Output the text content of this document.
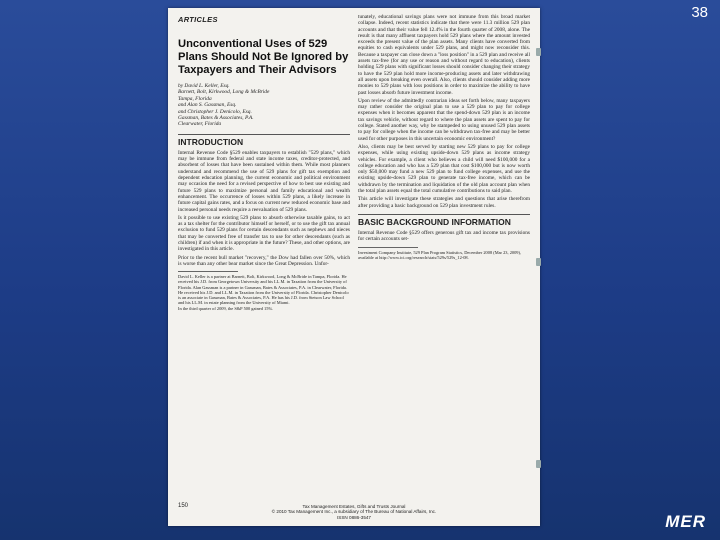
38
ARTICLES
Unconventional Uses of 529 Plans Should Not Be Ignored by Taxpayers and Their Advisors
by David L. Keller, Esq.
Barnett, Bolt, Kirkwood, Long & McBride
Tampa, Florida
and Alan S. Gassman, Esq.
and Christopher J. Denicolo, Esq.
Gassman, Bates & Associates, P.A.
Clearwater, Florida
INTRODUCTION

Internal Revenue Code §529 enables taxpayers to establish "529 plans," which may be immune from federal and state income taxes, creditor-protected, and absorbent of losses that have been sustained within them. While most planners understand and recommend the use of 529 plans for gift tax exemption and dependent education planning, the current economic and political environment may occasion the need for a revised perspective of how to best use existing and future 529 plans to maximize personal and family educational and wealth enhancement. The occurrence of losses within 529 plans, a likely increase in future capital gains rates, and a focus on current new reduced economic base and increased personal needs require a reevaluation of 529 plans.

Is it possible to use existing 529 plans to absorb otherwise taxable gains, to act as a tax shelter for the contributor himself or herself, or to use the gift tax annual exclusion to fund 529 plans for certain descendants such as nephews and nieces that may be converted free of transfer tax to use for other descendants (such as children) if and when it is appropriate in the future? These, and other options, are investigated in this article.

Prior to the recent bull market "recovery," the Dow had fallen over 50%, which is worse than any other bear market since the Great Depression. Unfor-

David L. Keller is a partner at Barnett, Bolt, Kirkwood, Long & McBride in Tampa, Florida. He received his J.D. from Georgetown University and his LL.M. in Taxation from the University of Florida. Alan Gassman is a partner in Gassman, Bates & Associates, P.A. in Clearwater, Florida. He received his J.D. and LL.M. in Taxation from the University of Florida. Christopher Denicolo is an associate in Gassman, Bates & Associates, P.A. He has his J.D. from Stetson Law School and his LL.M. in estate planning from the University of Miami.

In the third quarter of 2009, the S&P 500 gained 15%.

tunately, educational savings plans were not immune from this broad market collapse. Indeed, recent statistics indicate that there were 11.3 million 529 plan accounts and that their value fell 12.4% in the fourth quarter of 2008, alone. The result is that many affluent taxpayers hold 529 plans where the amount invested exceeds the present value of the plan assets. Many clients have converted from equities to cash equivalents under 529 plans, and might now reconsider this. Because a taxpayer can close down a "loss position" in a 529 plan and receive all assets tax-free (for any use or reason and without regard to education), clients holding 529 plans with significant losses should consider changing their strategy to have the 529 plan hold more income-producing assets and later withdrawing all assets upon breaking even overall. Also, clients should consider adding more monies to 529 plans with loss positions in order to maximize the ability to have past losses absorb future investment income.

Upon review of the admittedly contrarian ideas set forth below, many taxpayers may rather consider the original plan to use a 529 plan to pay for college expenses when it becomes apparent that the spend-down 529 plan is an income tax savings vehicle, without regard to where the plan assets are spent to pay for college. Stated another way, why be stampeded to using unused 529 plan assets to pay for college when the income can be withdrawn tax-free and may be better used for other purposes in this uncertain economic environment?

Also, clients may be best served by starting new 529 plans to pay for college expenses, while using existing upside-down 529 plans as income strategy vehicles. For example, a client who believes a child will need $100,000 for a college education and who has a 529 plan that cost $100,000 but is now worth only $50,000 may fund a new 529 plan to fund college expenses, and use the existing upside-down 529 plan to generate tax-free income, which can be withdrawn by the termination and liquidation of the old plan account plan when the total plan assets equal the total cumulative contributions to said plan.

This article will investigate these strategies and questions that arise therefrom after providing a basic background on 529 plan investment rules.

BASIC BACKGROUND INFORMATION

Internal Revenue Code §529 offers generous gift tax and income tax provisions for certain accounts set-

Investment Company Institute, 529 Plan Program Statistics, December 2008 (Mar 23, 2009), available at http://www.ici.org/research/stats/529s/529s_12-08.

150	Tax Management Estates, Gifts and Trusts Journal
© 2010 Tax Management Inc., a subsidiary of The Bureau of National Affairs, Inc.
ISSN 0886-3547	MER
